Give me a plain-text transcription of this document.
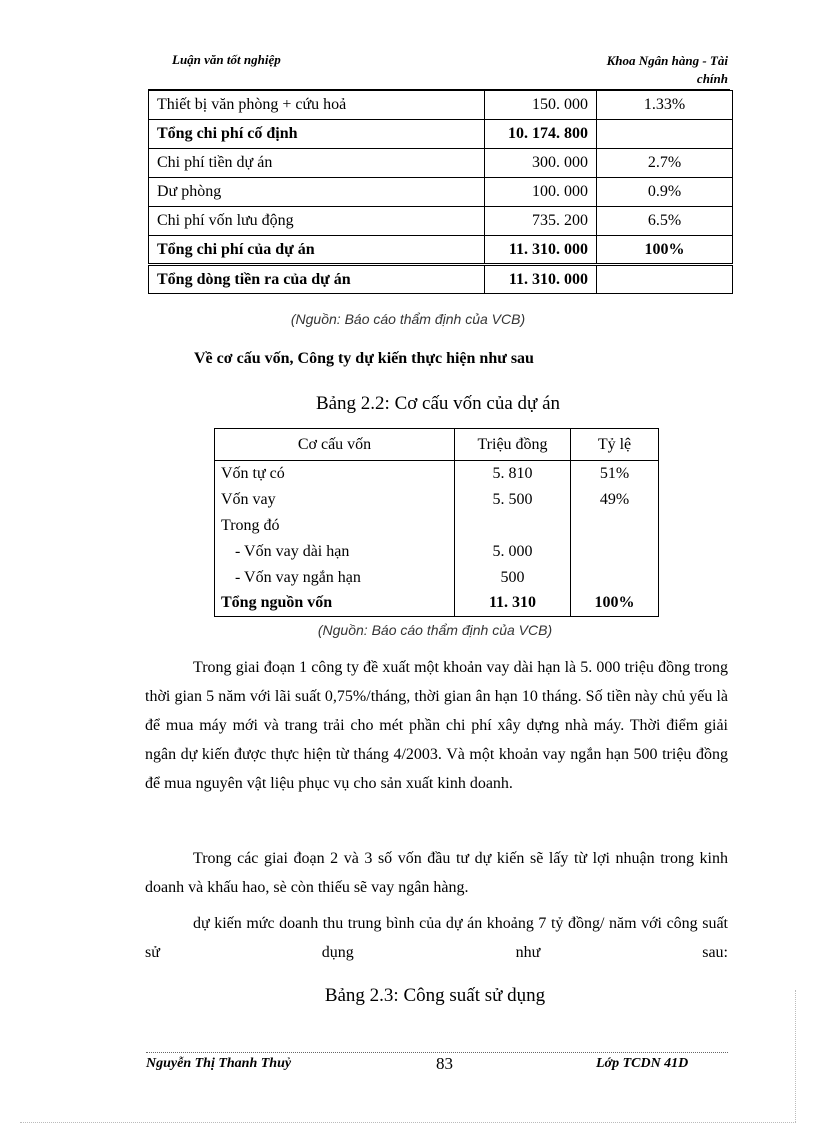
Luận văn tốt nghiệp	Khoa Ngân hàng - Tài
chính
Thiết bị văn phòng + cứu hoả	150. 000	1.33%
Tổng chi phí cố định	10. 174. 800	
Chi phí tiền dự án	300. 000	2.7%
Dư phòng	100. 000	0.9%
Chi phí vốn lưu động	735. 200	6.5%
Tổng chi phí của dự án	11. 310. 000	100%
Tổng dòng tiền ra của dự án	11. 310. 000	
(Nguồn: Báo cáo thẩm định của VCB)
Về cơ cấu vốn, Công ty dự kiến thực hiện như sau
Bảng 2.2: Cơ cấu vốn của dự án
Cơ cấu vốn	Triệu đồng	Tỷ lệ
Vốn tự có	5. 810	51%
Vốn vay	5. 500	49%
Trong đó		
- Vốn vay dài hạn	5. 000	
- Vốn vay ngắn hạn	500	
Tổng nguồn vốn	11. 310	100%
(Nguồn: Báo cáo thẩm định của VCB)

Trong giai đoạn 1 công ty đề xuất một khoản vay dài hạn là 5. 000 triệu đồng trong thời gian 5 năm với lãi suất 0,75%/tháng, thời gian ân hạn 10 tháng. Số tiền này chủ yếu là để mua máy mới và trang trải cho mét phần chi phí xây dựng nhà máy. Thời điểm giải ngân dự kiến được thực hiện từ tháng 4/2003. Và một khoản vay ngắn hạn 500 triệu đồng để mua nguyên vật liệu phục vụ cho sản xuất kinh doanh.

Trong các giai đoạn 2 và 3 số vốn đầu tư dự kiến sẽ lấy từ lợi nhuận trong kinh doanh và khấu hao, sè còn thiếu sẽ vay ngân hàng.

dự kiến mức doanh thu trung bình của dự án khoảng 7 tỷ đồng/ năm với công suất sử dụng như sau:

Bảng 2.3: Công suất sử dụng
Nguyễn Thị Thanh Thuỷ	83	Lớp TCDN 41D
